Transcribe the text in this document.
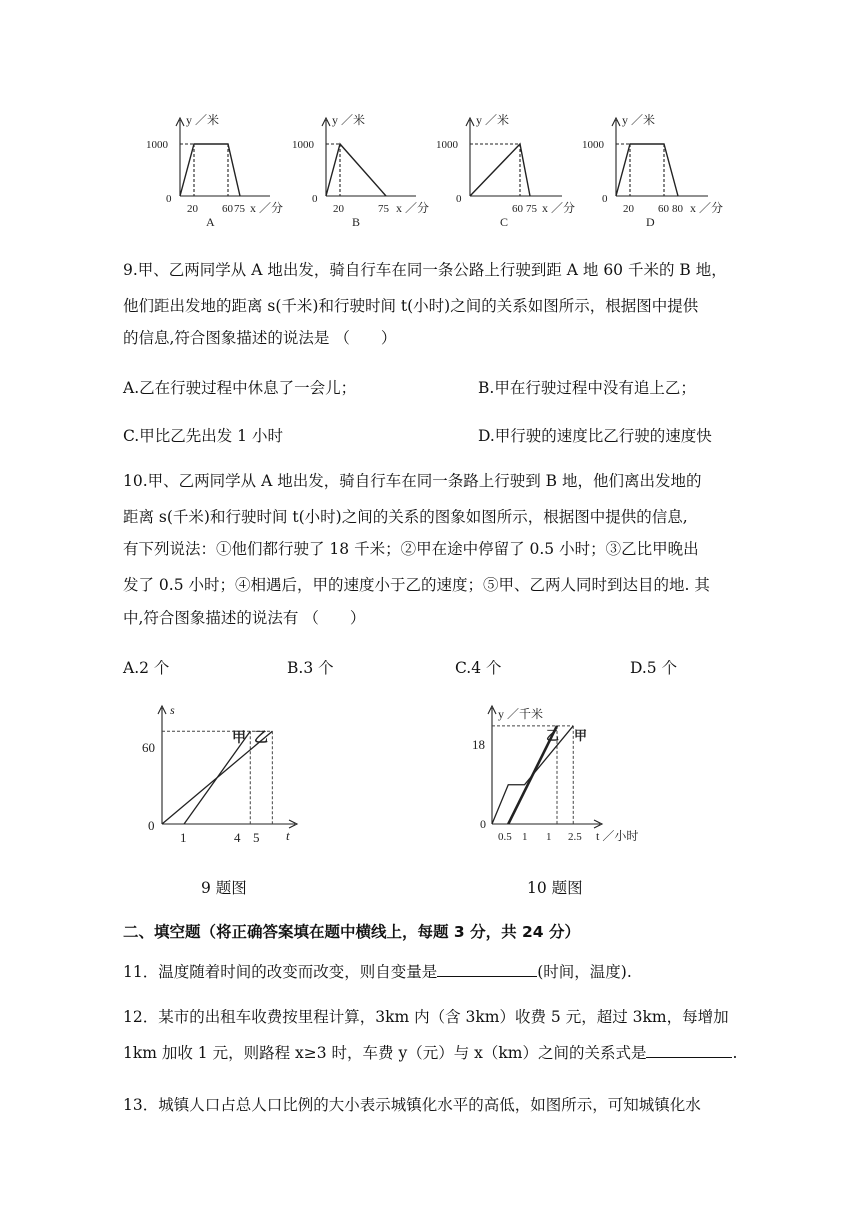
y ／米
1000
0
20 60 75 x ／分
A
y ／米
1000
0
20	75 x ／分
B
y ／米
1000
0
60 75 x ／分
C
y ／米
1000
0
20 60 80 x ／分
D
9.甲、乙两同学从 A 地出发，骑自行车在同一条公路上行驶到距 A 地 60 千米的 B 地，
他们距出发地的距离 s(千米)和行驶时间 t(小时)之间的关系如图所示，根据图中提供
的信息,符合图象描述的说法是 （　　）
A.乙在行驶过程中休息了一会儿；	B.甲在行驶过程中没有追上乙；
C.甲比乙先出发 1 小时	D.甲行驶的速度比乙行驶的速度快
10.甲、乙两同学从 A 地出发，骑自行车在同一条路上行驶到 B 地，他们离出发地的
距离 s(千米)和行驶时间 t(小时)之间的关系的图象如图所示，根据图中提供的信息,
有下列说法：①他们都行驶了 18 千米；②甲在途中停留了 0.5 小时；③乙比甲晚出
发了 0.5 小时；④相遇后，甲的速度小于乙的速度；⑤甲、乙两人同时到达目的地. 其
中,符合图象描述的说法有 （　　）
A.2 个	B.3 个	C.4 个	D.5 个
s
60
0
1	4 5 t
甲 乙
9 题图
y ／千米
18
0
0.5 1 1 2.5 t ／小时
乙 甲
10 题图
二、填空题（将正确答案填在题中横线上，每题 3 分，共 24 分）
11．温度随着时间的改变而改变，则自变量是	(时间，温度).
12．某市的出租车收费按里程计算，3km 内（含 3km）收费 5 元，超过 3km，每增加
1km 加收 1 元，则路程 x≥3 时，车费 y（元）与 x（km）之间的关系式是	.
13．城镇人口占总人口比例的大小表示城镇化水平的高低，如图所示，可知城镇化水
